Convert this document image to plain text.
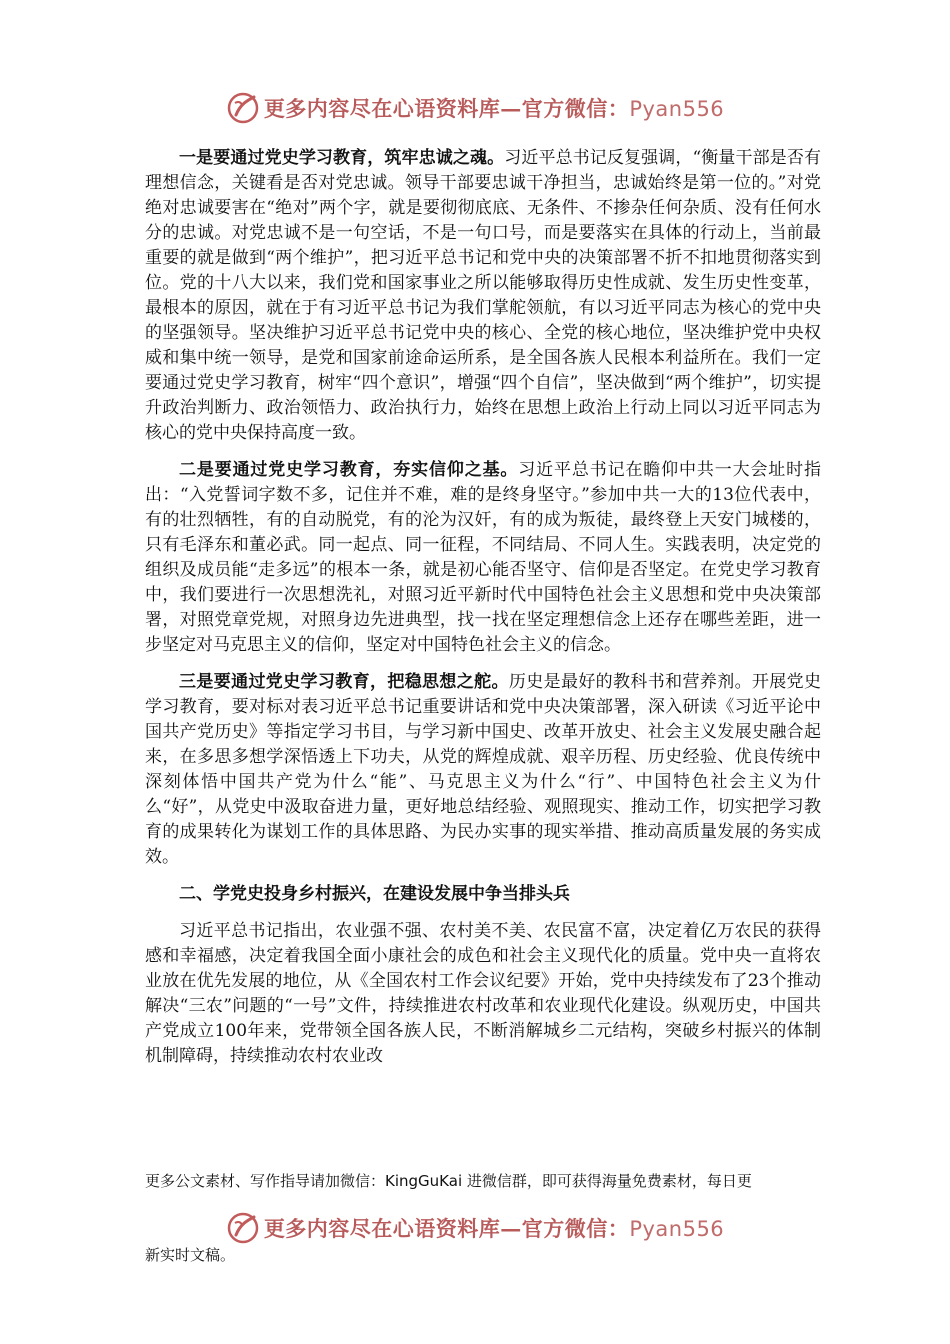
更多内容尽在心语资料库—官方微信：Pyan556

一是要通过党史学习教育，筑牢忠诚之魂。习近平总书记反复强调，“衡量干部是否有理想信念，关键看是否对党忠诚。领导干部要忠诚干净担当，忠诚始终是第一位的。”对党绝对忠诚要害在“绝对”两个字，就是要彻彻底底、无条件、不掺杂任何杂质、没有任何水分的忠诚。对党忠诚不是一句空话，不是一句口号，而是要落实在具体的行动上，当前最重要的就是做到“两个维护”，把习近平总书记和党中央的决策部署不折不扣地贯彻落实到位。党的十八大以来，我们党和国家事业之所以能够取得历史性成就、发生历史性变革，最根本的原因，就在于有习近平总书记为我们掌舵领航，有以习近平同志为核心的党中央的坚强领导。坚决维护习近平总书记党中央的核心、全党的核心地位，坚决维护党中央权威和集中统一领导，是党和国家前途命运所系，是全国各族人民根本利益所在。我们一定要通过党史学习教育，树牢“四个意识”，增强“四个自信”，坚决做到“两个维护”，切实提升政治判断力、政治领悟力、政治执行力，始终在思想上政治上行动上同以习近平同志为核心的党中央保持高度一致。

二是要通过党史学习教育，夯实信仰之基。习近平总书记在瞻仰中共一大会址时指出：“入党誓词字数不多，记住并不难，难的是终身坚守。”参加中共一大的13位代表中，有的壮烈牺牲，有的自动脱党，有的沦为汉奸，有的成为叛徒，最终登上天安门城楼的，只有毛泽东和董必武。同一起点、同一征程，不同结局、不同人生。实践表明，决定党的组织及成员能“走多远”的根本一条，就是初心能否坚守、信仰是否坚定。在党史学习教育中，我们要进行一次思想洗礼，对照习近平新时代中国特色社会主义思想和党中央决策部署，对照党章党规，对照身边先进典型，找一找在坚定理想信念上还存在哪些差距，进一步坚定对马克思主义的信仰，坚定对中国特色社会主义的信念。

三是要通过党史学习教育，把稳思想之舵。历史是最好的教科书和营养剂。开展党史学习教育，要对标对表习近平总书记重要讲话和党中央决策部署，深入研读《习近平论中国共产党历史》等指定学习书目，与学习新中国史、改革开放史、社会主义发展史融合起来，在多思多想学深悟透上下功夫，从党的辉煌成就、艰辛历程、历史经验、优良传统中深刻体悟中国共产党为什么“能”、马克思主义为什么“行”、中国特色社会主义为什么“好”，从党史中汲取奋进力量，更好地总结经验、观照现实、推动工作，切实把学习教育的成果转化为谋划工作的具体思路、为民办实事的现实举措、推动高质量发展的务实成效。

二、学党史投身乡村振兴，在建设发展中争当排头兵

习近平总书记指出，农业强不强、农村美不美、农民富不富，决定着亿万农民的获得感和幸福感，决定着我国全面小康社会的成色和社会主义现代化的质量。党中央一直将农业放在优先发展的地位，从《全国农村工作会议纪要》开始，党中央持续发布了23个推动解决“三农”问题的“一号”文件，持续推进农村改革和农业现代化建设。纵观历史，中国共产党成立100年来，党带领全国各族人民，不断消解城乡二元结构，突破乡村振兴的体制机制障碍，持续推动农村农业改

更多公文素材、写作指导请加微信：KingGuKai 进微信群，即可获得海量免费素材，每日更
更多内容尽在心语资料库—官方微信：Pyan556
新实时文稿。
